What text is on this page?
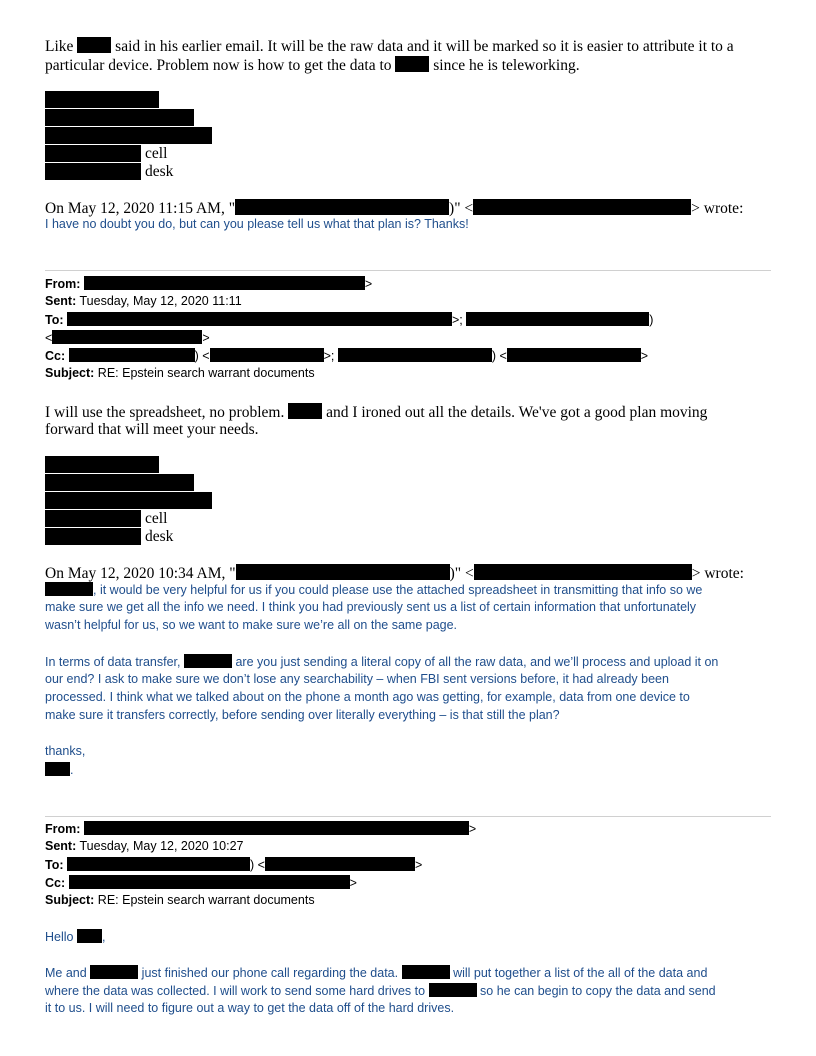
Like	said in his earlier email. It will be the raw data and it will be marked so it is easier to attribute it to a
particular device. Problem now is how to get the data to	since he is teleworking.
cell
desk
On May 12, 2020 11:15 AM, "	)" <	> wrote:
I have no doubt you do, but can you please tell us what that plan is? Thanks!
From:	>
Sent: Tuesday, May 12, 2020 11:11
To:	>;	)
<	>
Cc:	) <	>;	) <	>
Subject: RE: Epstein search warrant documents
I will use the spreadsheet, no problem.	and I ironed out all the details. We've got a good plan moving
forward that will meet your needs.
cell
desk
On May 12, 2020 10:34 AM, "	)" <	> wrote:
, it would be very helpful for us if you could please use the attached spreadsheet in transmitting that info so we
make sure we get all the info we need. I think you had previously sent us a list of certain information that unfortunately
wasn’t helpful for us, so we want to make sure we’re all on the same page.
In terms of data transfer,	are you just sending a literal copy of all the raw data, and we’ll process and upload it on
our end? I ask to make sure we don’t lose any searchability – when FBI sent versions before, it had already been
processed. I think what we talked about on the phone a month ago was getting, for example, data from one device to
make sure it transfers correctly, before sending over literally everything – is that still the plan?
thanks,
.
From:	>
Sent: Tuesday, May 12, 2020 10:27
To:	) <	>
Cc:	>
Subject: RE: Epstein search warrant documents
Hello ,
Me and	just finished our phone call regarding the data.	will put together a list of the all of the data and
where the data was collected. I will work to send some hard drives to	so he can begin to copy the data and send
it to us. I will need to figure out a way to get the data off of the hard drives.
